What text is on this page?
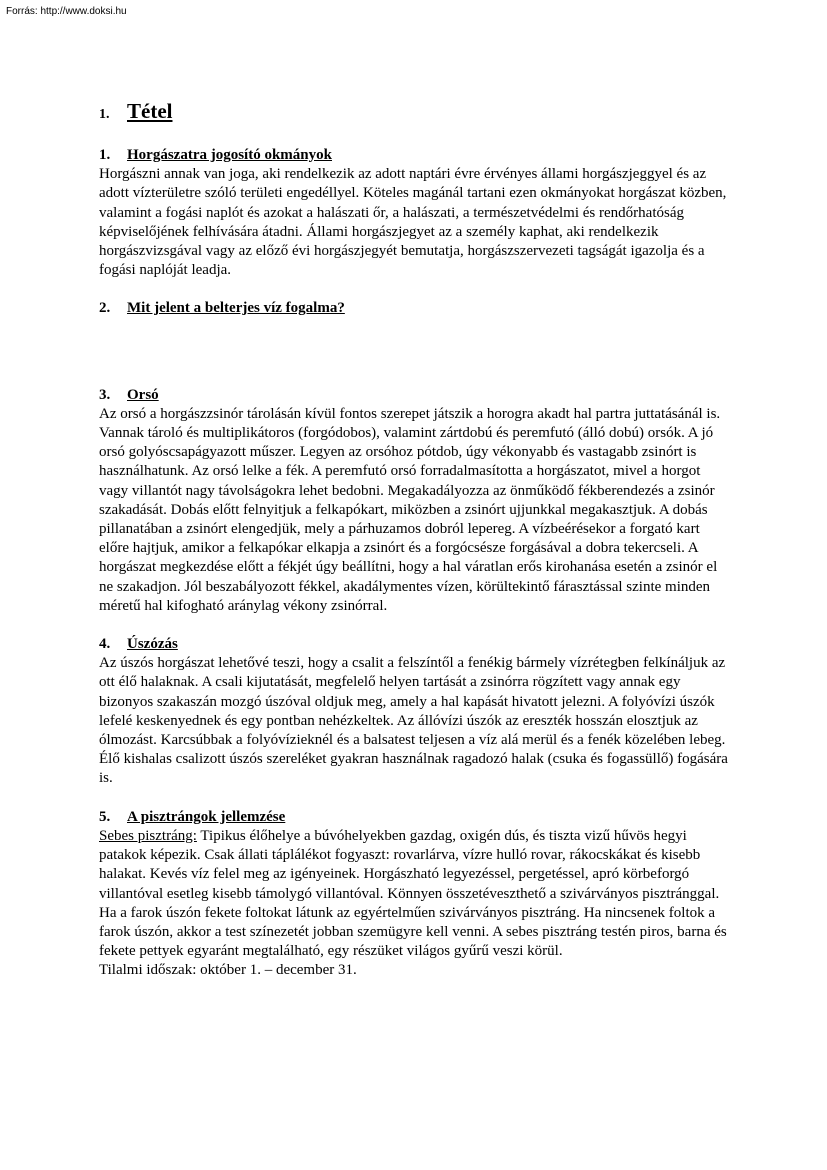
Forrás: http://www.doksi.hu
1. Tétel
1. Horgászatra jogosító okmányok

Horgászni annak van joga, aki rendelkezik az adott naptári évre érvényes állami horgászjeggyel és az adott vízterületre szóló területi engedéllyel. Köteles magánál tartani ezen okmányokat horgászat közben, valamint a fogási naplót és azokat a halászati őr, a halászati, a természetvédelmi és rendőrhatóság képviselőjének felhívására átadni. Állami horgászjegyet az a személy kaphat, aki rendelkezik horgászvizsgával vagy az előző évi horgászjegyét bemutatja, horgászszervezeti tagságát igazolja és a fogási naplóját leadja.

2. Mit jelent a belterjes víz fogalma?
3. Orsó

Az orsó a horgászzsinór tárolásán kívül fontos szerepet játszik a horogra akadt hal partra juttatásánál is. Vannak tároló és multiplikátoros (forgódobos), valamint zártdobú és peremfutó (álló dobú) orsók. A jó orsó golyóscsapágyazott műszer. Legyen az orsóhoz pótdob, úgy vékonyabb és vastagabb zsinórt is használhatunk. Az orsó lelke a fék. A peremfutó orsó forradalmasította a horgászatot, mivel a horgot vagy villantót nagy távolságokra lehet bedobni. Megakadályozza az önműködő fékberendezés a zsinór szakadását. Dobás előtt felnyitjuk a felkapókart, miközben a zsinórt ujjunkkal megakasztjuk. A dobás pillanatában a zsinórt elengedjük, mely a párhuzamos dobról lepereg. A vízbeérésekor a forgató kart előre hajtjuk, amikor a felkapókar elkapja a zsinórt és a forgócsésze forgásával a dobra tekercseli. A horgászat megkezdése előtt a fékjét úgy beállítni, hogy a hal váratlan erős kirohanása esetén a zsinór el ne szakadjon. Jól beszabályozott fékkel, akadálymentes vízen, körültekintő fárasztással szinte minden méretű hal kifogható aránylag vékony zsinórral.

4. Úszózás

Az úszós horgászat lehetővé teszi, hogy a csalit a felszíntől a fenékig bármely vízrétegben felkínáljuk az ott élő halaknak. A csali kijutatását, megfelelő helyen tartását a zsinórra rögzített vagy annak egy bizonyos szakaszán mozgó úszóval oldjuk meg, amely a hal kapását hivatott jelezni. A folyóvízi úszók lefelé keskenyednek és egy pontban nehézkeltek. Az állóvízi úszók az ereszték hosszán elosztjuk az ólmozást. Karcsúbbak a folyóvízieknél és a balsatest teljesen a víz alá merül és a fenék közelében lebeg. Élő kishalas csalizott úszós szereléket gyakran használnak ragadozó halak (csuka és fogassüllő) fogására is.

5. A pisztrángok jellemzése

Sebes pisztráng: Tipikus élőhelye a búvóhelyekben gazdag, oxigén dús, és tiszta vizű hűvös hegyi patakok képezik. Csak állati táplálékot fogyaszt: rovarlárva, vízre hulló rovar, rákocskákat és kisebb halakat. Kevés víz felel meg az igényeinek. Horgászható legyezéssel, pergetéssel, apró körbeforgó villantóval esetleg kisebb támolygó villantóval. Könnyen összetéveszthető a szivárványos pisztránggal. Ha a farok úszón fekete foltokat látunk az egyértelműen szivárványos pisztráng. Ha nincsenek foltok a farok úszón, akkor a test színezetét jobban szemügyre kell venni. A sebes pisztráng testén piros, barna és fekete pettyek egyaránt megtalálható, egy részüket világos gyűrű veszi körül.

Tilalmi időszak: október 1. – december 31.
